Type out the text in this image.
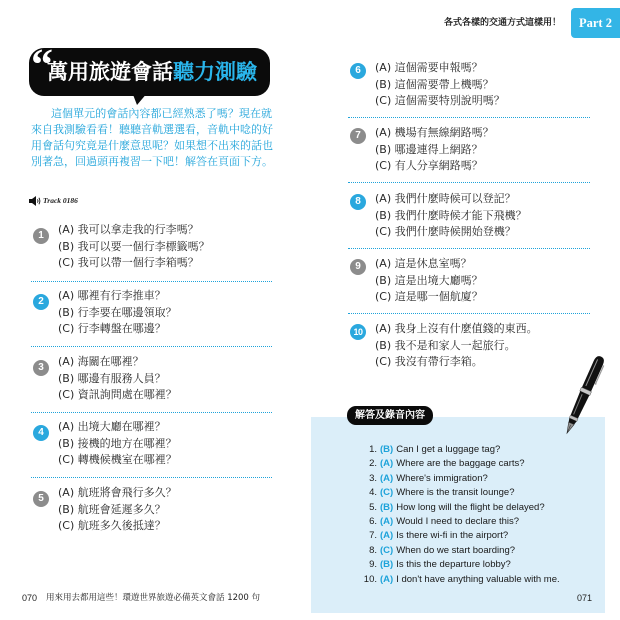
“
萬用旅遊會話聽力測驗
這個單元的會話內容都已經熟悉了嗎？現在就
來自我測驗看看！聽聽音軌選選看，音軌中唸的好
用會話句究竟是什麼意思呢？如果想不出來的話也
別著急，回過頭再複習一下吧！解答在頁面下方。
Track 0186
1	(A) 我可以拿走我的行李嗎？
(B) 我可以要一個行李標籤嗎？
(C) 我可以帶一個行李箱嗎？
2	(A) 哪裡有行李推車？
(B) 行李要在哪邊領取？
(C) 行李轉盤在哪邊？
3	(A) 海關在哪裡？
(B) 哪邊有服務人員？
(C) 資訊詢問處在哪裡？
4	(A) 出境大廳在哪裡？
(B) 接機的地方在哪裡？
(C) 轉機候機室在哪裡？
5	(A) 航班將會飛行多久？
(B) 航班會延遲多久？
(C) 航班多久後抵達？
070 用來用去都用這些！環遊世界旅遊必備英文會話 1200 句
各式各樣的交通方式這樣用！	Part 2
6	(A) 這個需要申報嗎？
(B) 這個需要帶上機嗎？
(C) 這個需要特別說明嗎？
7	(A) 機場有無線網路嗎？
(B) 哪邊連得上網路？
(C) 有人分享網路嗎？
8	(A) 我們什麼時候可以登記？
(B) 我們什麼時候才能下飛機？
(C) 我們什麼時候開始登機？
9	(A) 這是休息室嗎？
(B) 這是出境大廳嗎？
(C) 這是哪一個航廈？
10	(A) 我身上沒有什麼值錢的東西。
(B) 我不是和家人一起旅行。
(C) 我沒有帶行李箱。
解答及錄音內容
1. (B) Can I get a luggage tag?
2. (A) Where are the baggage carts?
3. (A) Where's immigration?
4. (C) Where is the transit lounge?
5. (B) How long will the flight be delayed?
6. (A) Would I need to declare this?
7. (A) Is there wi-fi in the airport?
8. (C) When do we start boarding?
9. (B) Is this the departure lobby?
10. (A) I don't have anything valuable with me.
071
